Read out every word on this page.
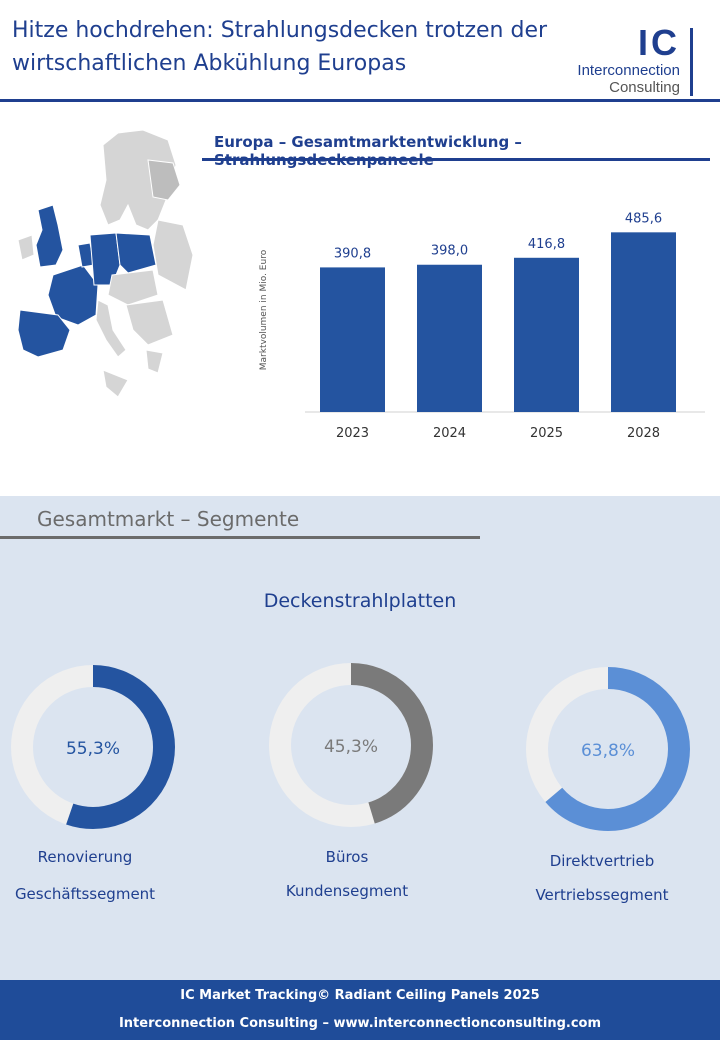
Hitze hochdrehen: Strahlungsdecken trotzen der wirtschaftlichen Abkühlung Europas
IC
Interconnection
Consulting
Europa – Gesamtmarktentwicklung –
Marktvolumen in Mio. Euro	390,8
2023
398,0
2024
416,8
2025
485,6
2028
Gesamtmarkt – Segmente
Deckenstrahlplatten
55,3%
Renovierung
Geschäftssegment
45,3%
Büros
Kundensegment
63,8%
Direktvertrieb
Vertriebssegment
IC Market Tracking© Radiant Ceiling Panels 2025
Interconnection Consulting – www.interconnectionconsulting.com
